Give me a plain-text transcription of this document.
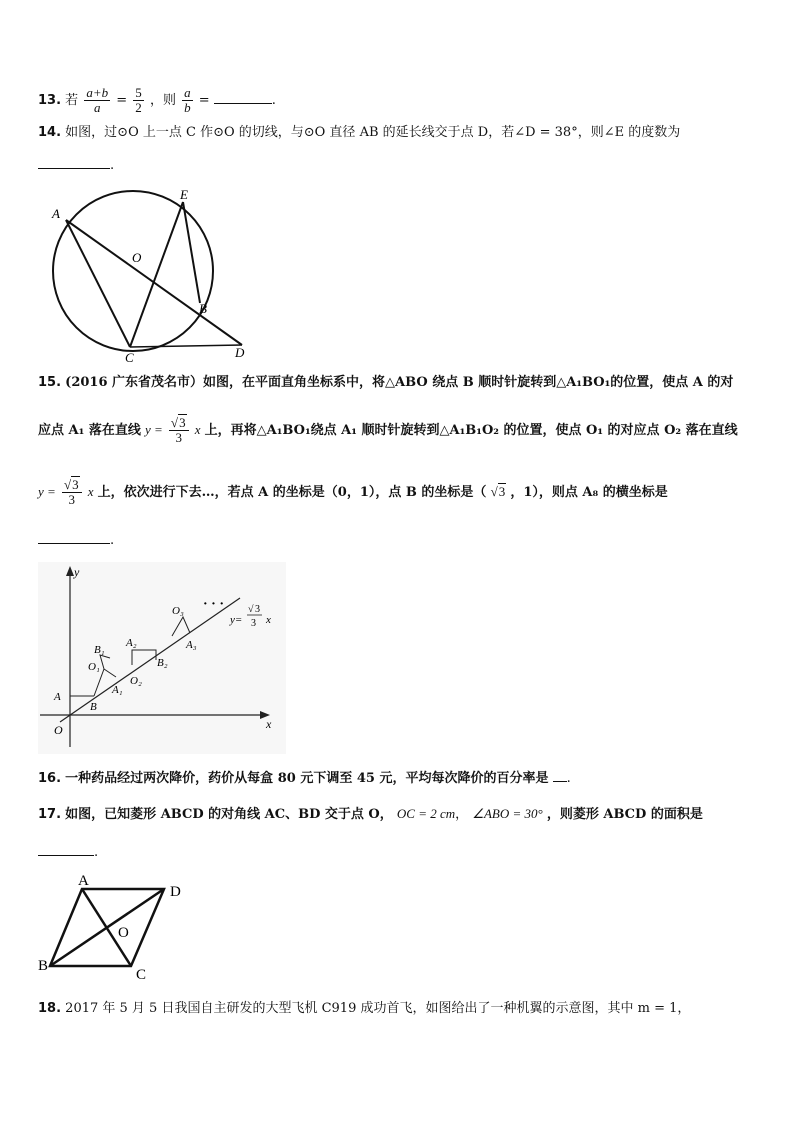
13. 若 $\frac{a+b}{a} = \frac{5}{2}$ ，则 $\frac{a}{b}$ =	.
14. 如图，过⊙O 上一点 C 作⊙O 的切线，与⊙O 直径 AB 的延长线交于点 D，若∠D = 38°，则∠E 的度数为
.
A
E
O
B
C	D
15. (2016 广东省茂名市）如图，在平面直角坐标系中，将△ABO 绕点 B 顺时针旋转到△A₁BO₁的位置，使点 A 的对
应点 A₁ 落在直线 $y = \frac{√3}{3}$ x 上，再将△A₁BO₁绕点 A₁ 顺时针旋转到△A₁B₁O₂ 的位置，使点 O₁ 的对应点 O₂ 落在直线
$y = \frac{√3}{3}$ x 上，依次进行下去…，若点 A 的坐标是（0，1），点 B 的坐标是（ √3 ，1），则点 A₈ 的横坐标是
.
y
x
O
A
B
A₁
O₁
B₁
A₂
O₂
B₂
O₃
A₃
· · ·
y=
√ 3
3 x
16. 一种药品经过两次降价，药价从每盒 80 元下调至 45 元，平均每次降价的百分率是 .
17. 如图，已知菱形 ABCD 的对角线 AC、BD 交于点 O， OC = 2 cm， ∠ABO = 30° ，则菱形 ABCD 的面积是
.
A
D
O
B
C
18. 2017 年 5 月 5 日我国自主研发的大型飞机 C919 成功首飞，如图给出了一种机翼的示意图，其中 m = 1，
